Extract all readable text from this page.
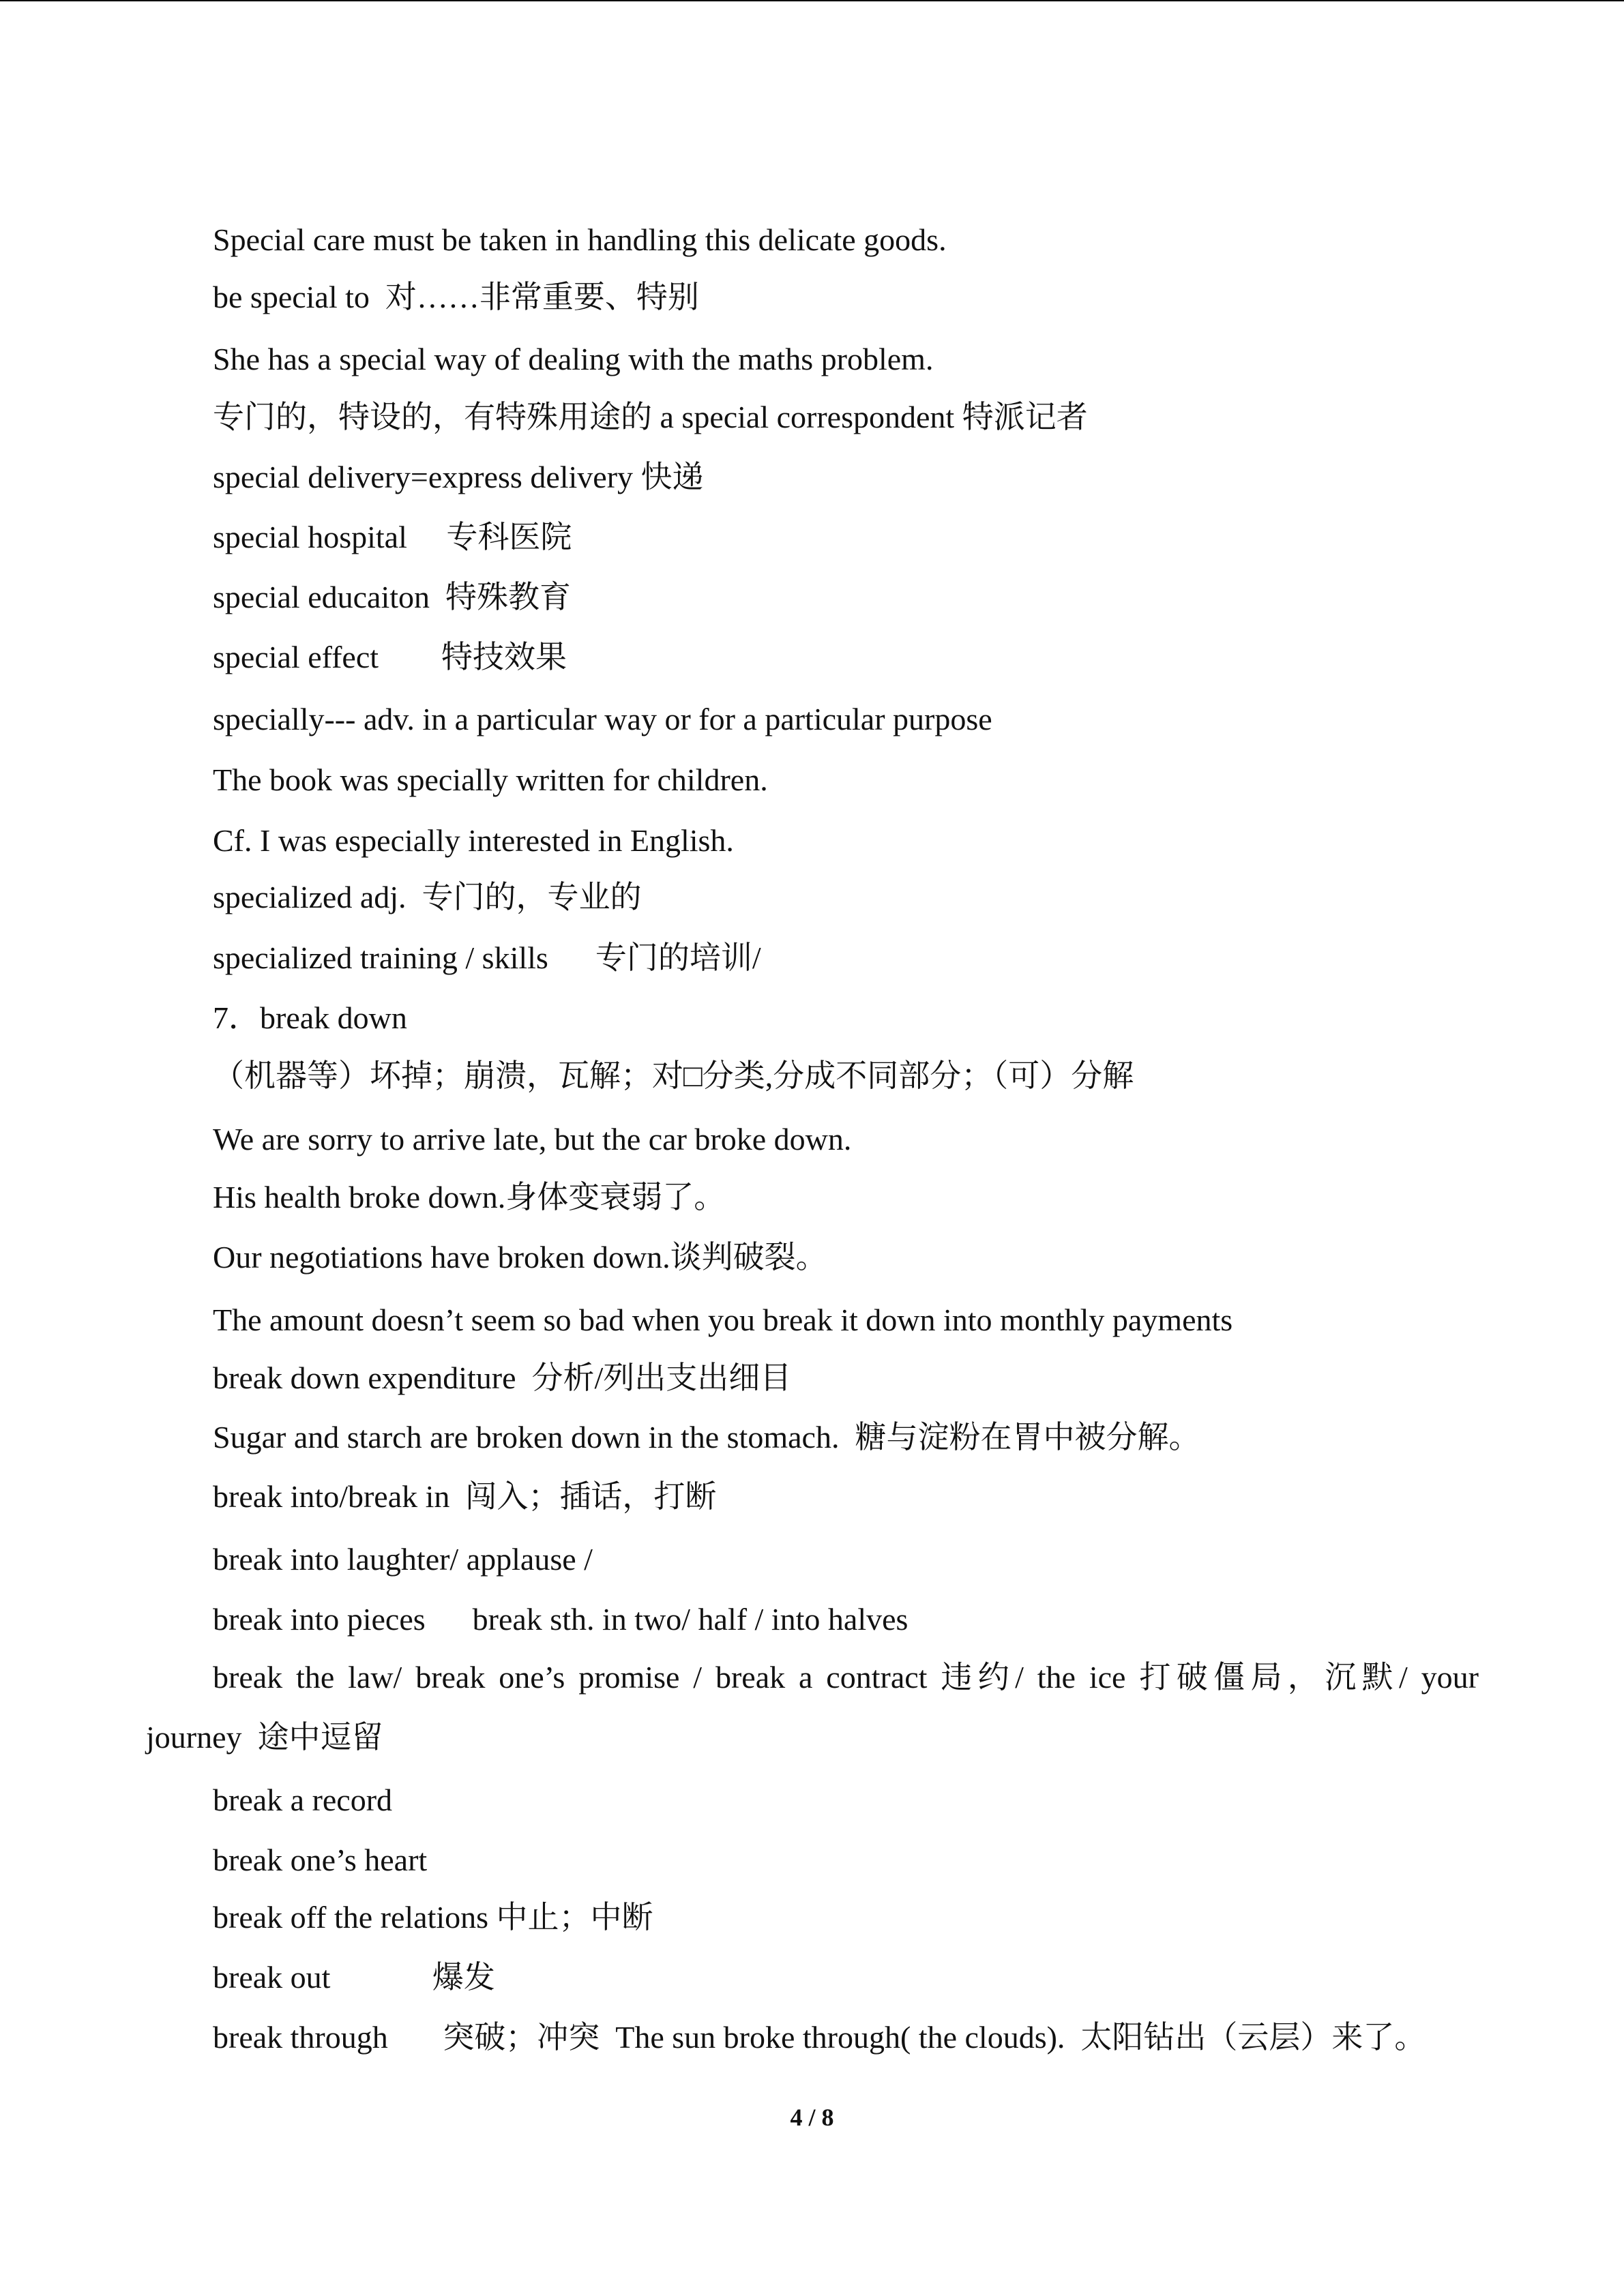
Special care must be taken in handling this delicate goods.
be special to  对……非常重要、特别
She has a special way of dealing with the maths problem.
专门的，特设的，有特殊用途的 a special correspondent 特派记者
special delivery=express delivery 快递
special hospital     专科医院
special educaiton  特殊教育
special effect        特技效果
specially--- adv. in a particular way or for a particular purpose
The book was specially written for children.
Cf. I was especially interested in English.
specialized adj.  专门的，专业的
specialized training / skills      专门的培训/
7．break down
（机器等）坏掉；崩溃，瓦解；对□分类,分成不同部分；（可）分解
We are sorry to arrive late, but the car broke down.
His health broke down.身体变衰弱了。
Our negotiations have broken down.谈判破裂。
The amount doesn’t seem so bad when you break it down into monthly payments
break down expenditure  分析/列出支出细目
Sugar and starch are broken down in the stomach.  糖与淀粉在胃中被分解。
break into/break in  闯入；插话，打断
break into laughter/ applause /
break into pieces      break sth. in two/ half / into halves
break the law/ break one’s promise / break a contract 违约/ the ice 打破僵局，沉默/ your
journey  途中逗留
break a record
break one’s heart
break off the relations 中止；中断
break out             爆发
break through       突破；冲突  The sun broke through( the clouds).  太阳钻出（云层）来了。
4 / 8
